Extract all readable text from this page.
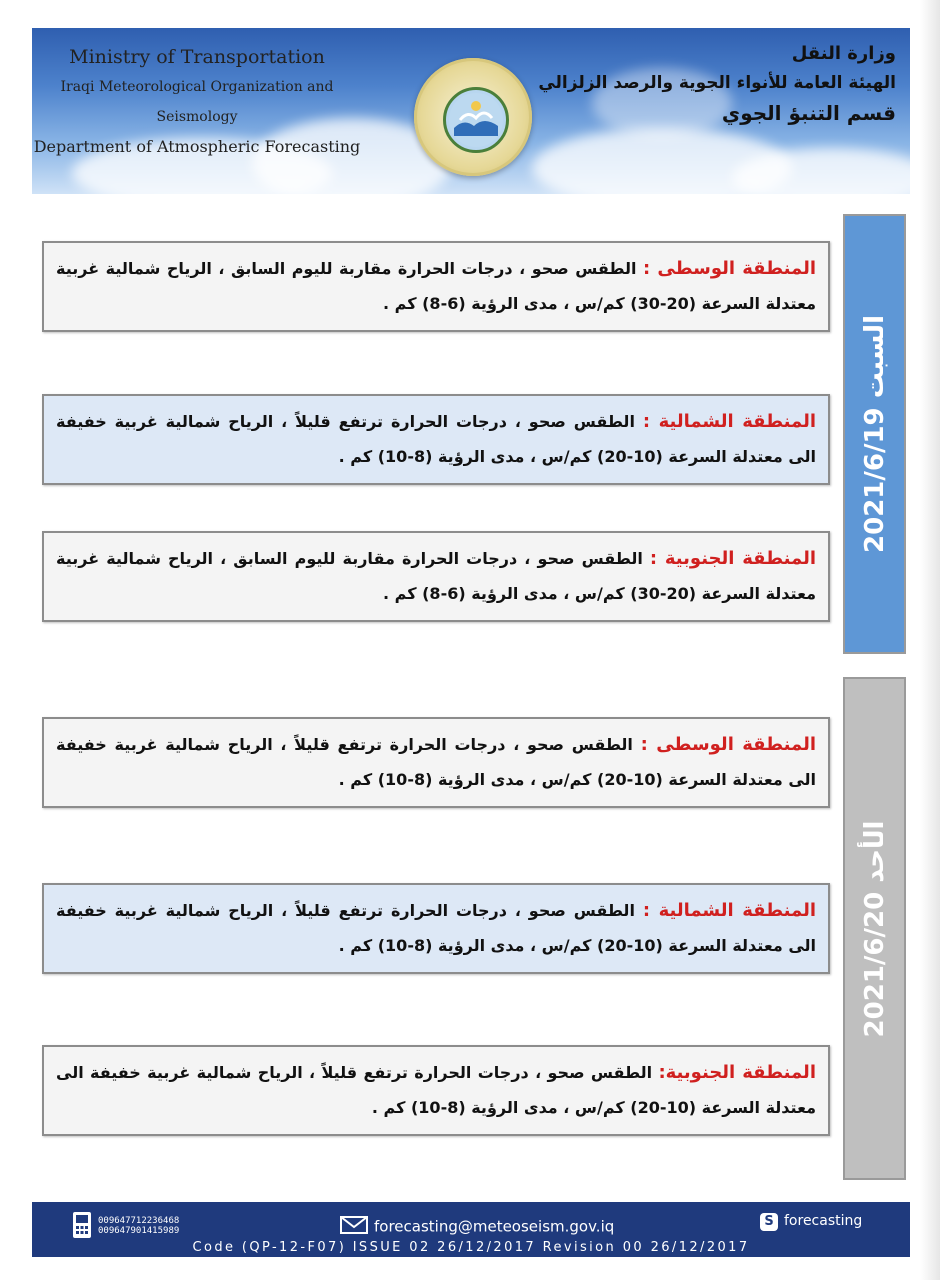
Ministry of Transportation
Iraqi Meteorological Organization and Seismology
Department of Atmospheric Forecasting
وزارة النقل
الهيئة العامة للأنواء الجوية والرصد الزلزالي
قسم التنبؤ الجوي
السبت 2021/6/19
المنطقة الوسطى : الطقس صحو ، درجات الحرارة مقاربة لليوم السابق ، الرياح شمالية غربية معتدلة السرعة (20-30) كم/س ، مدى الرؤية (6-8) كم .
المنطقة الشمالية : الطقس صحو ، درجات الحرارة ترتفع قليلاً ، الرياح شمالية غربية خفيفة الى معتدلة السرعة (10-20) كم/س ، مدى الرؤية (8-10) كم .
المنطقة الجنوبية : الطقس صحو ، درجات الحرارة مقاربة لليوم السابق ، الرياح شمالية غربية معتدلة السرعة (20-30) كم/س ، مدى الرؤية (6-8) كم .
الأحد 2021/6/20
المنطقة الوسطى : الطقس صحو ، درجات الحرارة ترتفع قليلاً ، الرياح شمالية غربية خفيفة الى معتدلة السرعة (10-20) كم/س ، مدى الرؤية (8-10) كم .
المنطقة الشمالية : الطقس صحو ، درجات الحرارة ترتفع قليلاً ، الرياح شمالية غربية خفيفة الى معتدلة السرعة (10-20) كم/س ، مدى الرؤية (8-10) كم .
المنطقة الجنوبية: الطقس صحو ، درجات الحرارة ترتفع قليلاً ، الرياح شمالية غربية خفيفة الى معتدلة السرعة (10-20) كم/س ، مدى الرؤية (8-10) كم .
009647712236468
009647901415989	forecasting@meteoseism.gov.iq	S forecasting
Code (QP-12-F07) ISSUE 02 26/12/2017 Revision 00 26/12/2017
